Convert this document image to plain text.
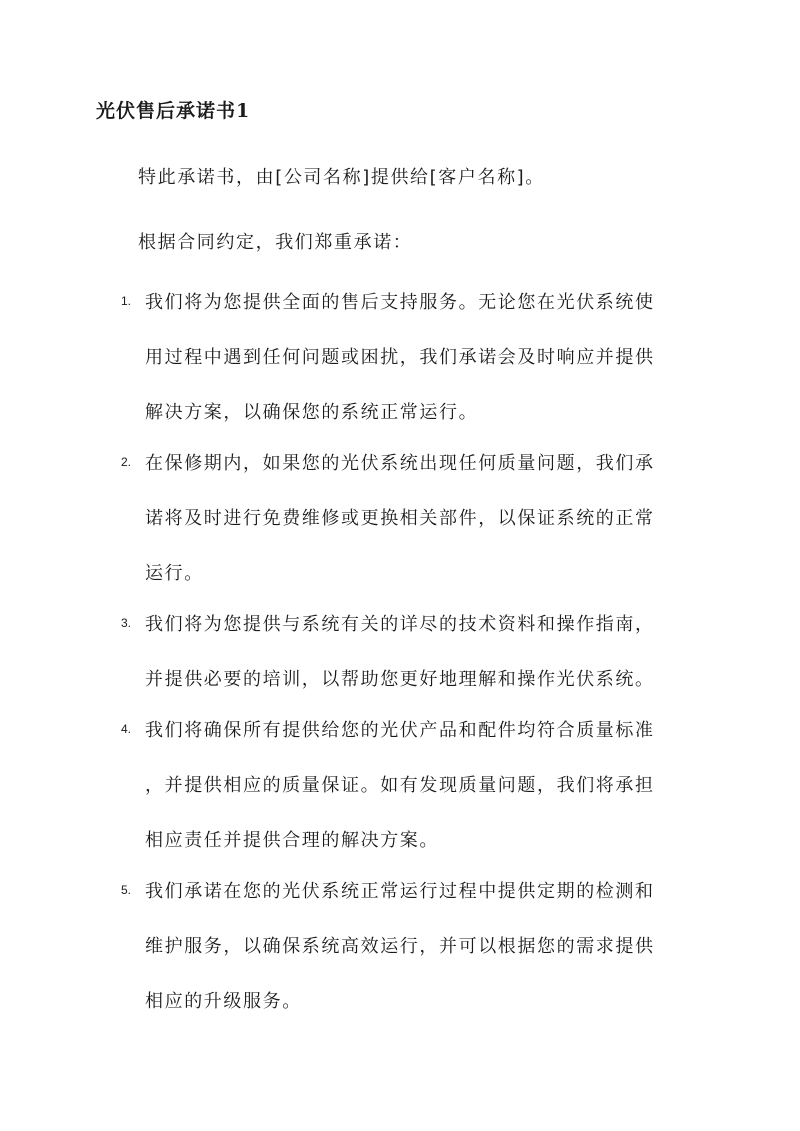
光伏售后承诺书1
特此承诺书，由[公司名称]提供给[客户名称]。
根据合同约定，我们郑重承诺：
1. 我们将为您提供全面的售后支持服务。无论您在光伏系统使
用过程中遇到任何问题或困扰，我们承诺会及时响应并提供
解决方案，以确保您的系统正常运行。
2. 在保修期内，如果您的光伏系统出现任何质量问题，我们承
诺将及时进行免费维修或更换相关部件，以保证系统的正常
运行。
3. 我们将为您提供与系统有关的详尽的技术资料和操作指南，
并提供必要的培训，以帮助您更好地理解和操作光伏系统。
4. 我们将确保所有提供给您的光伏产品和配件均符合质量标准
，并提供相应的质量保证。如有发现质量问题，我们将承担
相应责任并提供合理的解决方案。
5. 我们承诺在您的光伏系统正常运行过程中提供定期的检测和
维护服务，以确保系统高效运行，并可以根据您的需求提供
相应的升级服务。
